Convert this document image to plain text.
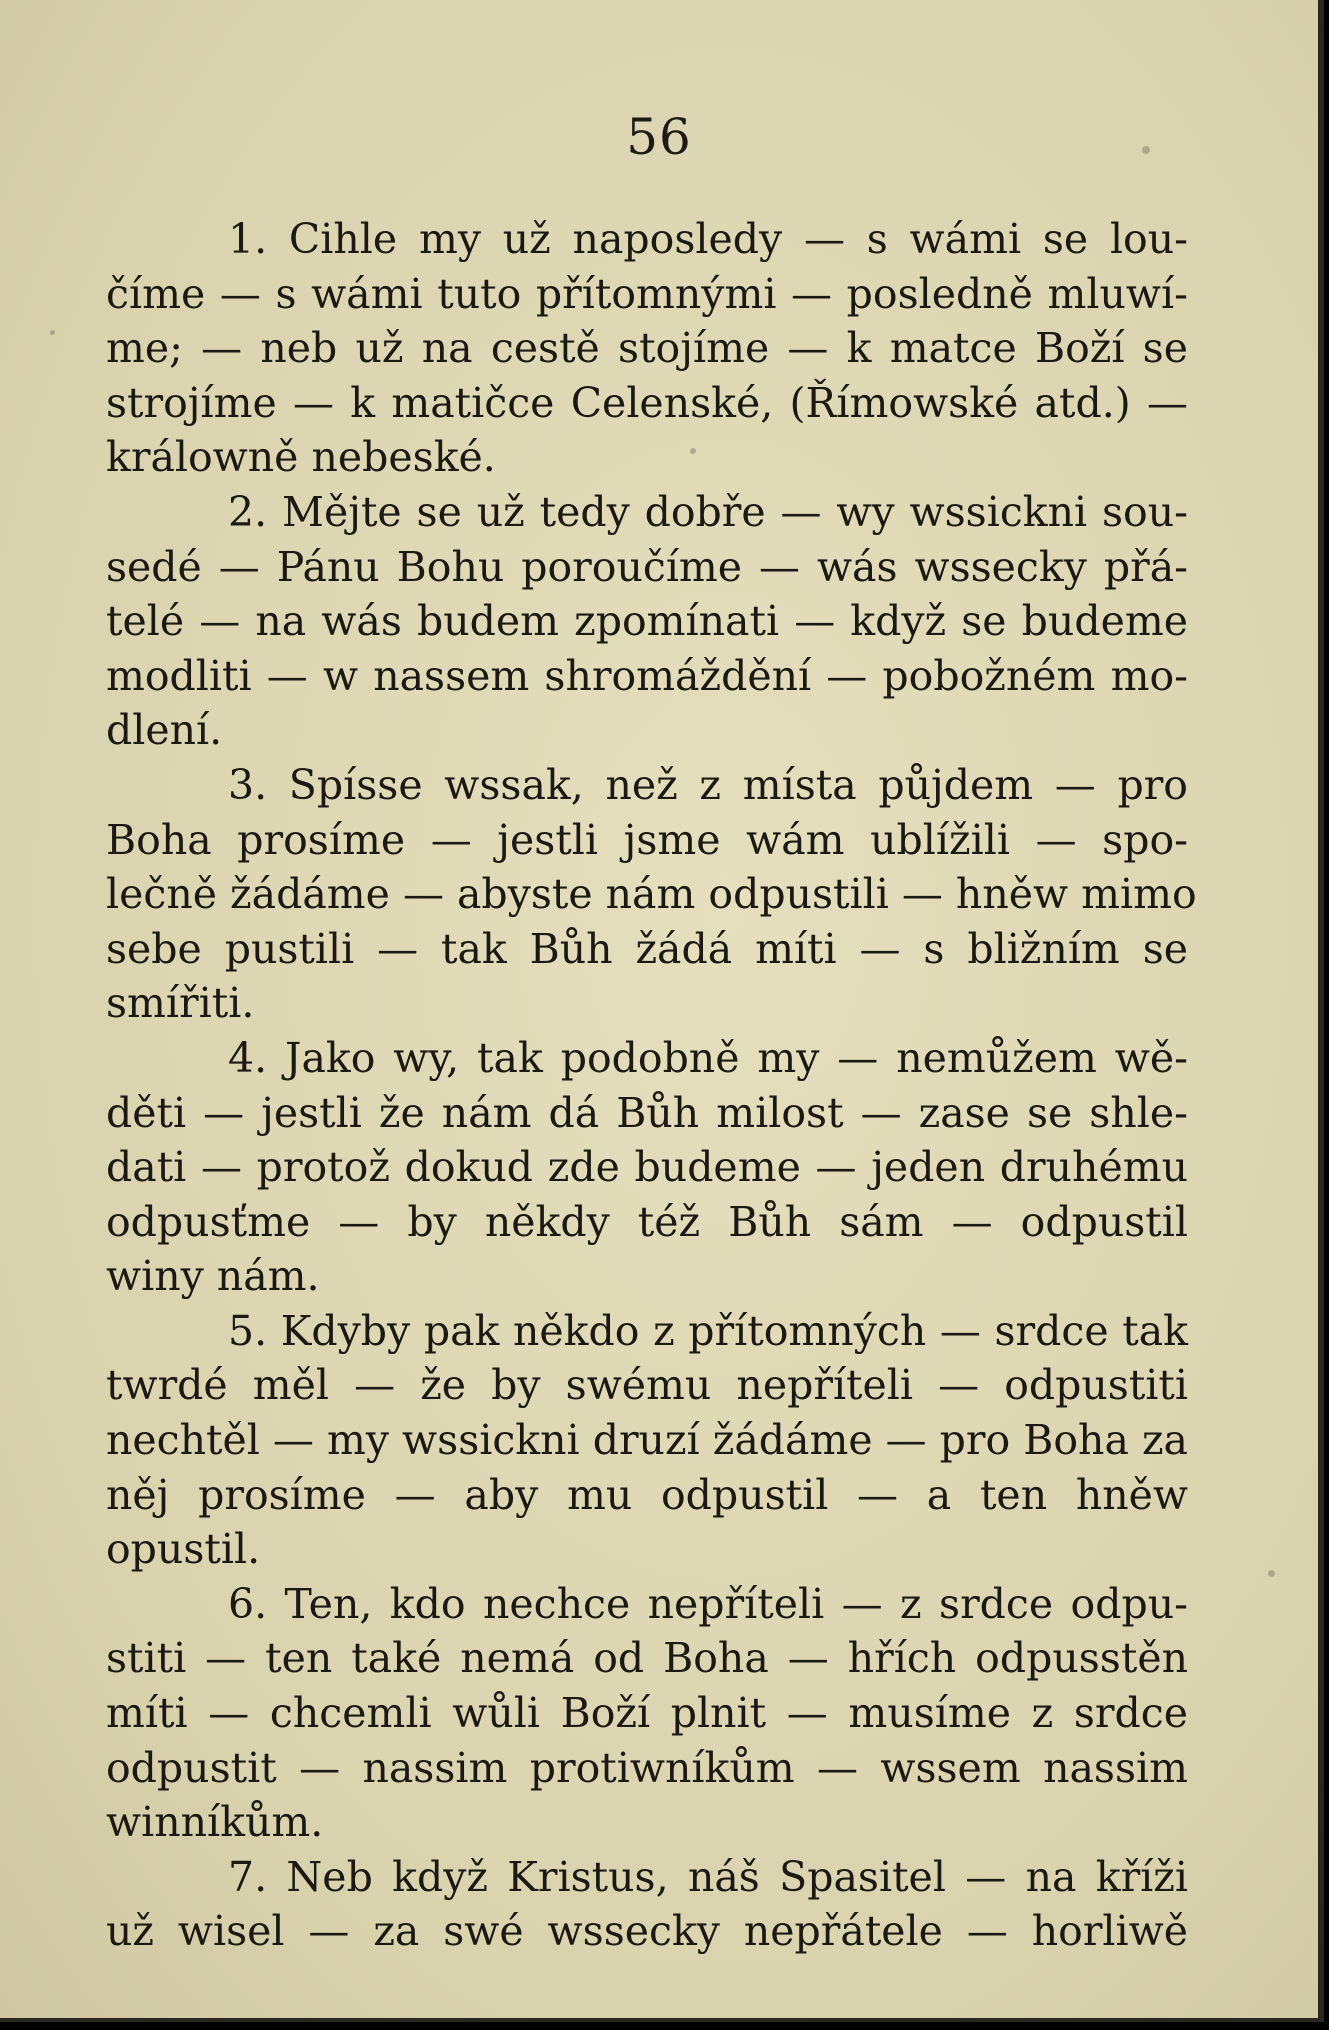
56
1. Cihle my už naposledy — s wámi se lou-
číme — s wámi tuto přítomnými — posledně mluwí-
me; — neb už na cestě stojíme — k matce Boží se
strojíme — k matičce Celenské, (Římowské atd.) —
králowně nebeské.
2. Mějte se už tedy dobře — wy wssickni sou-
sedé — Pánu Bohu poroučíme — wás wssecky přá-
telé — na wás budem zpomínati — když se budeme
modliti — w nassem shromáždění — pobožném mo-
dlení.
3. Spísse wssak, než z místa půjdem — pro
Boha prosíme — jestli jsme wám ublížili — spo-
lečně žádáme — abyste nám odpustili — hněw mimo
sebe pustili — tak Bůh žádá míti — s bližním se
smířiti.
4. Jako wy, tak podobně my — nemůžem wě-
děti — jestli že nám dá Bůh milost — zase se shle-
dati — protož dokud zde budeme — jeden druhému
odpusťme — by někdy též Bůh sám — odpustil
winy nám.
5. Kdyby pak někdo z přítomných — srdce tak
twrdé měl — že by swému nepříteli — odpustiti
nechtěl — my wssickni druzí žádáme — pro Boha za
něj prosíme — aby mu odpustil — a ten hněw
opustil.
6. Ten, kdo nechce nepříteli — z srdce odpu-
stiti — ten také nemá od Boha — hřích odpusstěn
míti — chcemli wůli Boží plnit — musíme z srdce
odpustit — nassim protiwníkům — wssem nassim
winníkům.
7. Neb když Kristus, náš Spasitel — na kříži
už wisel — za swé wssecky nepřátele — horliwě
